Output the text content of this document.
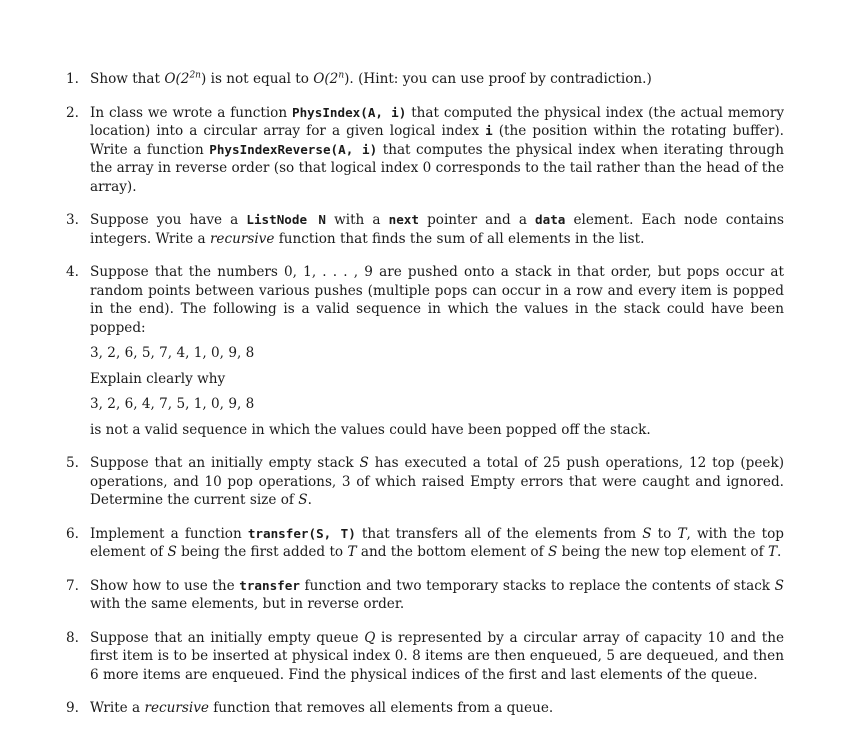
1. Show that $O(2^{2n})$ is not equal to O(2$^n$). (Hint: you can use proof by contradiction.)
2. In class we wrote a function PhysIndex(A, i) that computed the physical index (the actual memory location) into a circular array for a given logical index i (the position within the rotating buffer). Write a function PhysIndexReverse(A, i) that computes the physical index when iterating through the array in reverse order (so that logical index 0 corresponds to the tail rather than the head of the array).
3. Suppose you have a ListNode N with a next pointer and a data element. Each node contains integers. Write a recursive function that finds the sum of all elements in the list.
4. Suppose that the numbers 0, 1, . . . , 9 are pushed onto a stack in that order, but pops occur at random points between various pushes (multiple pops can occur in a row and every item is popped in the end). The following is a valid sequence in which the values in the stack could have been popped:
3, 2, 6, 5, 7, 4, 1, 0, 9, 8
Explain clearly why
3, 2, 6, 4, 7, 5, 1, 0, 9, 8
is not a valid sequence in which the values could have been popped off the stack.
5. Suppose that an initially empty stack S has executed a total of 25 push operations, 12 top (peek) operations, and 10 pop operations, 3 of which raised Empty errors that were caught and ignored. Determine the current size of S.
6. Implement a function transfer(S, T) that transfers all of the elements from S to T, with the top element of S being the first added to T and the bottom element of S being the new top element of T.
7. Show how to use the transfer function and two temporary stacks to replace the contents of stack S with the same elements, but in reverse order.
8. Suppose that an initially empty queue Q is represented by a circular array of capacity 10 and the first item is to be inserted at physical index 0. 8 items are then enqueued, 5 are dequeued, and then 6 more items are enqueued. Find the physical indices of the first and last elements of the queue.
9. Write a recursive function that removes all elements from a queue.
